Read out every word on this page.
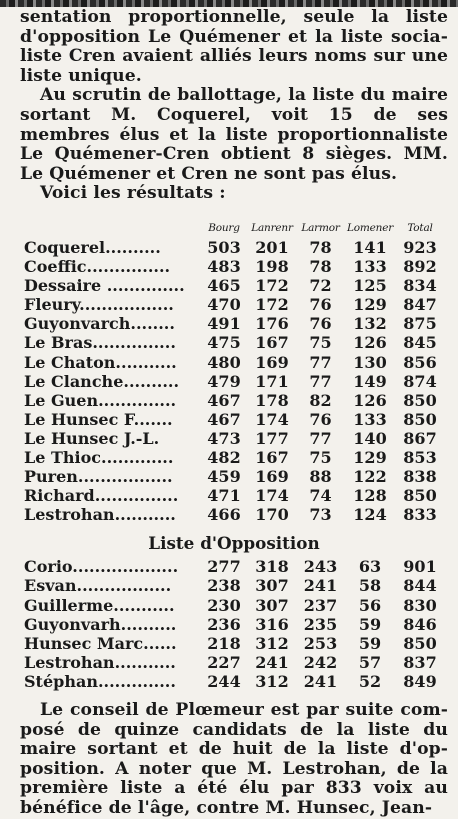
sentation proportionnelle, seule la liste d'opposition Le Quémener et la liste socia- liste Cren avaient alliés leurs noms sur une liste unique.

Au scrutin de ballottage, la liste du maire sortant M. Coquerel, voit 15 de ses membres élus et la liste proportionnaliste Le Quémener-Cren obtient 8 sièges. MM. Le Quémener et Cren ne sont pas élus.

Voici les résultats :

	Bourg	Lanrenr	Larmor	Lomener	Total
Coquerel..........	503	201	78	141	923
Coeffic...............	483	198	78	133	892
Dessaire ..............	465	172	72	125	834
Fleury.................	470	172	76	129	847
Guyonvarch........	491	176	76	132	875
Le Bras...............	475	167	75	126	845
Le Chaton...........	480	169	77	130	856
Le Clanche..........	479	171	77	149	874
Le Guen..............	467	178	82	126	850
Le Hunsec F.......	467	174	76	133	850
Le Hunsec J.-L.	473	177	77	140	867
Le Thioc.............	482	167	75	129	853
Puren.................	459	169	88	122	838
Richard...............	471	174	74	128	850
Lestrohan...........	466	170	73	124	833
Liste d'Opposition
Corio...................	277	318	243	63	901
Esvan.................	238	307	241	58	844
Guillerme...........	230	307	237	56	830
Guyonvarh..........	236	316	235	59	846
Hunsec Marc......	218	312	253	59	850
Lestrohan...........	227	241	242	57	837
Stéphan..............	244	312	241	52	849

Le conseil de Plœmeur est par suite com- posé de quinze candidats de la liste du maire sortant et de huit de la liste d'op- position. A noter que M. Lestrohan, de la première liste a été élu par 833 voix au bénéfice de l'âge, contre M. Hunsec, Jean-
